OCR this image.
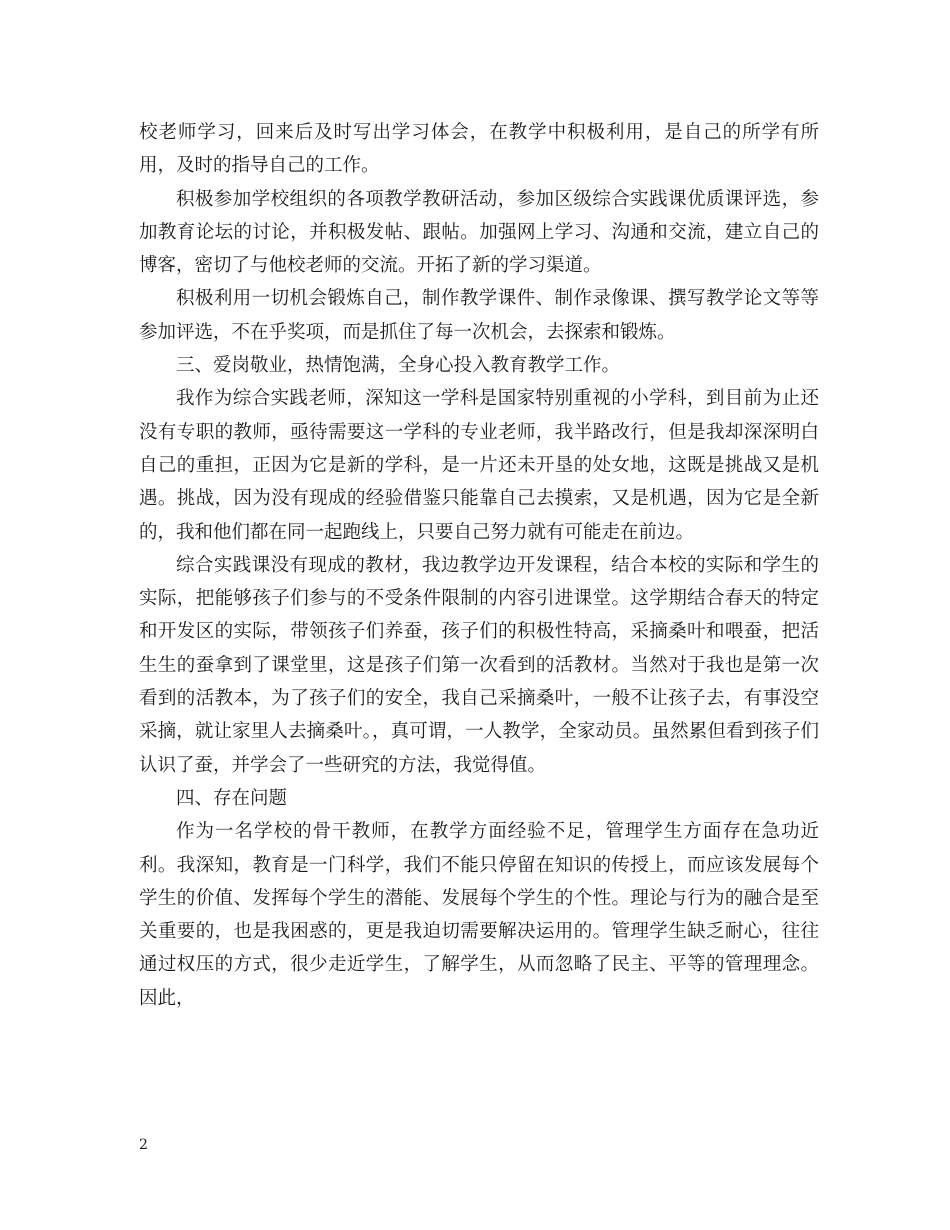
校老师学习，回来后及时写出学习体会，在教学中积极利用，是自己的所学有所用，及时的指导自己的工作。

积极参加学校组织的各项教学教研活动，参加区级综合实践课优质课评选，参加教育论坛的讨论，并积极发帖、跟帖。加强网上学习、沟通和交流，建立自己的博客，密切了与他校老师的交流。开拓了新的学习渠道。

积极利用一切机会锻炼自己，制作教学课件、制作录像课、撰写教学论文等等参加评选，不在乎奖项，而是抓住了每一次机会，去探索和锻炼。

三、爱岗敬业，热情饱满，全身心投入教育教学工作。

我作为综合实践老师，深知这一学科是国家特别重视的小学科，到目前为止还没有专职的教师，亟待需要这一学科的专业老师，我半路改行，但是我却深深明白自己的重担，正因为它是新的学科，是一片还未开垦的处女地，这既是挑战又是机遇。挑战，因为没有现成的经验借鉴只能靠自己去摸索，又是机遇，因为它是全新的，我和他们都在同一起跑线上，只要自己努力就有可能走在前边。

综合实践课没有现成的教材，我边教学边开发课程，结合本校的实际和学生的实际，把能够孩子们参与的不受条件限制的内容引进课堂。这学期结合春天的特定和开发区的实际，带领孩子们养蚕，孩子们的积极性特高，采摘桑叶和喂蚕，把活生生的蚕拿到了课堂里，这是孩子们第一次看到的活教材。当然对于我也是第一次看到的活教本，为了孩子们的安全，我自己采摘桑叶，一般不让孩子去，有事没空采摘，就让家里人去摘桑叶。，真可谓，一人教学，全家动员。虽然累但看到孩子们认识了蚕，并学会了一些研究的方法，我觉得值。

四、存在问题

作为一名学校的骨干教师，在教学方面经验不足，管理学生方面存在急功近利。我深知，教育是一门科学，我们不能只停留在知识的传授上，而应该发展每个学生的价值、发挥每个学生的潜能、发展每个学生的个性。理论与行为的融合是至关重要的，也是我困惑的，更是我迫切需要解决运用的。管理学生缺乏耐心，往往通过权压的方式，很少走近学生，了解学生，从而忽略了民主、平等的管理理念。因此，

2
